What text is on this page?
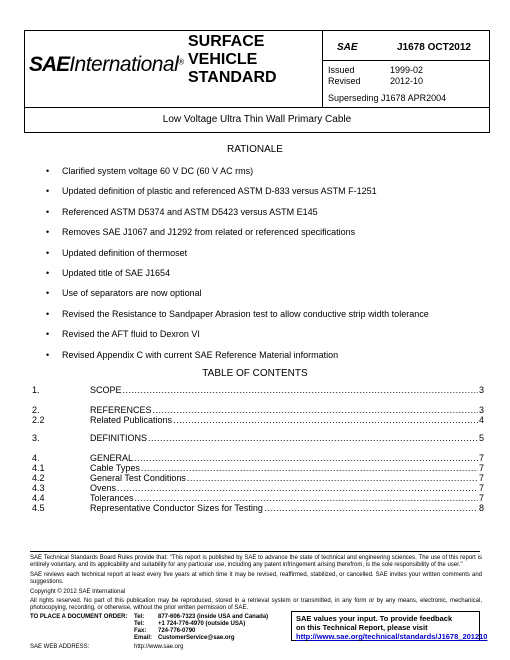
SAEInternational®
SURFACE
VEHICLE
STANDARD
SAE	J1678 OCT2012
Issued	1999-02
Revised	2012-10
Superseding J1678 APR2004
Low Voltage Ultra Thin Wall Primary Cable
RATIONALE
• Clarified system voltage 60 V DC (60 V AC rms)
• Updated definition of plastic and referenced ASTM D-833 versus ASTM F-1251
• Referenced ASTM D5374 and ASTM D5423 versus ASTM E145
• Removes SAE J1067 and J1292 from related or referenced specifications
• Updated definition of thermoset
• Updated title of SAE J1654
• Use of separators are now optional
• Revised the Resistance to Sandpaper Abrasion test to allow conductive strip width tolerance
• Revised the AFT fluid to Dexron VI
• Revised Appendix C with current SAE Reference Material information
TABLE OF CONTENTS
1.	SCOPE .....	3
2.	REFERENCES .....	3
2.2	Related Publications .....	4
3.	DEFINITIONS .....	5
4.	GENERAL .....	7
4.1	Cable Types .....	7
4.2	General Test Conditions .....	7
4.3	Ovens .....	7
4.4	Tolerances .....	7
4.5	Representative Conductor Sizes for Testing .....	8
SAE Technical Standards Board Rules provide that: "This report is published by SAE to advance the state of technical and engineering sciences. The use of this report is entirely voluntary, and its applicability and suitability for any particular use, including any patent infringement arising therefrom, is the sole responsibility of the user."
SAE reviews each technical report at least every five years at which time it may be revised, reaffirmed, stabilized, or cancelled. SAE invites your written comments and suggestions.
Copyright © 2012 SAE International
All rights reserved. No part of this publication may be reproduced, stored in a retrieval system or transmitted, in any form or by any means, electronic, mechanical, photocopying, recording, or otherwise, without the prior written permission of SAE.
TO PLACE A DOCUMENT ORDER: Tel: 877-606-7323 (inside USA and Canada)
Tel: +1 724-776-4970 (outside USA)
Fax: 724-776-0790
Email: CustomerService@sae.org
SAE values your input. To provide feedback
on this Technical Report, please visit
http://www.sae.org/technical/standards/J1678_201210
SAE WEB ADDRESS:	http://www.sae.org
